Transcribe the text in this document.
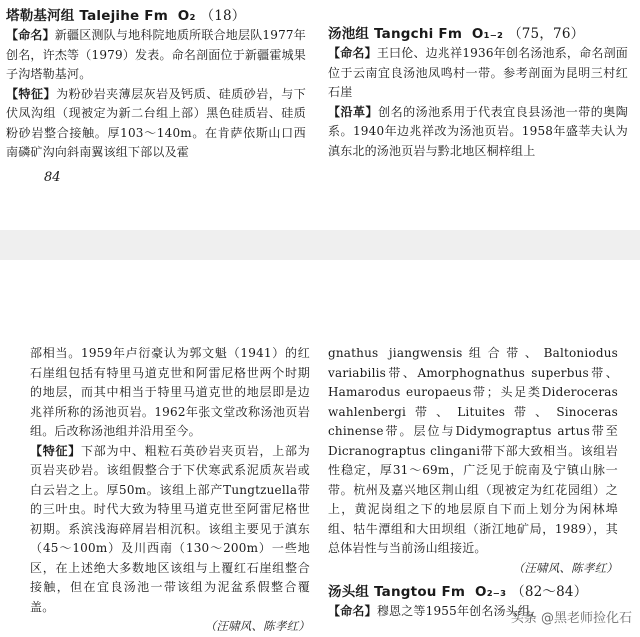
塔勒基河组 Talejihe Fm O₂ （18）

【命名】新疆区测队与地科院地质所联合地层队1977年创名，许杰等（1979）发表。命名剖面位于新疆霍城果子沟塔勒基河。

【特征】为粉砂岩夹薄层灰岩及钙质、硅质砂岩，与下伏凤沟组（现被定为新二台组上部）黑色硅质岩、硅质粉砂岩整合接触。厚103～140m。在肯萨依斯山口西南磷矿沟向斜南翼该组下部以及霍

84
汤池组 Tangchi Fm O₁₋₂ （75，76）

【命名】王曰伦、边兆祥1936年创名汤池系，命名剖面位于云南宜良汤池凤鸣村一带。参考剖面为昆明三村红石崖

【沿革】创名的汤池系用于代表宜良县汤池一带的奥陶系。1940年边兆祥改为汤池页岩。1958年盛莘夫认为滇东北的汤池页岩与黔北地区桐梓组上

部相当。1959年卢衍豪认为郭文魁（1941）的红石崖组包括有特里马道克世和阿雷尼格世两个时期的地层，而其中相当于特里马道克世的地层即是边兆祥所称的汤池页岩。1962年张文堂改称汤池页岩组。后改称汤池组并沿用至今。

【特征】下部为中、粗粒石英砂岩夹页岩，上部为页岩夹砂岩。该组假整合于下伏寒武系泥质灰岩或白云岩之上。厚50m。该组上部产Tungtzuella带的三叶虫。时代大致为特里马道克世至阿雷尼格世初期。系滨浅海碎屑岩相沉积。该组主要见于滇东（45～100m）及川西南（130～200m）一些地区，在上述绝大多数地区该组与上覆红石崖组整合接触，但在宜良汤池一带该组为泥盆系假整合覆盖。

（汪啸风、陈孝红）

gnathus jiangwensis组合带、Baltoniodus variabilis带、Amorphognathus superbus带、Hamarodus europaeus带；头足类Dideroceras wahlenbergi带、Lituites带、Sinoceras chinense带。层位与Didymograptus artus带至Dicranograptus clingani带下部大致相当。该组岩性稳定，厚31～69m，广泛见于皖南及宁镇山脉一带。杭州及嘉兴地区荆山组（现被定为红花园组）之上，黄泥岗组之下的地层原自下而上划分为闲林埠组、牯牛潭组和大田坝组（浙江地矿局，1989），其总体岩性与当前汤山组接近。

（汪啸风、陈孝红）
汤头组 Tangtou Fm O₂₋₃ （82～84）

【命名】穆恩之等1955年创名汤头组，

头条 @黑老师捡化石
